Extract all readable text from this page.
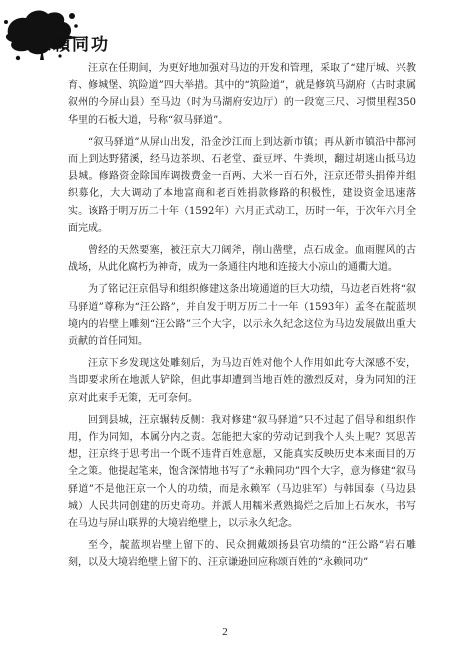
永賴同功

汪京在任期间，为更好地加强对马边的开发和管理，采取了“建厅城、兴教育、修城堡、筑险道”四大举措。其中的“筑险道”，就是修筑马湖府（古时隶属叙州的今屏山县）至马边（时为马湖府安边厅）的一段宽三尺、习惯里程350华里的石板大道，号称“叙马驿道”。

“叙马驿道”从屏山出发，沿金沙江而上到达新市镇；再从新市镇沿中都河而上到达野猪溪，经马边茶坝、石老堂、蚕豆坪、牛粪坝，翻过胡迷山抵马边县城。修路资金除国库调拨费金一百两、大米一百石外，汪京还带头捐俸并组织募化，大大调动了本地富商和老百姓捐款修路的积极性，建设资金迅速落实。该路于明万历二十年（1592年）六月正式动工，历时一年，于次年六月全面完成。

曾经的天然要塞，被汪京大刀阔斧，削山凿壁，点石成金。血雨腥风的古战场，从此化腐朽为神奇，成为一条通往内地和连接大小凉山的通衢大道。

为了铭记汪京倡导和组织修建这条出境通道的巨大功绩，马边老百姓将“叙马驿道”尊称为“汪公路”，并自发于明万历二十一年（1593年）孟冬在靛蓝坝境内的岩壁上雕刻“汪公路”三个大字，以示永久纪念这位为马边发展做出重大贡献的首任同知。

汪京下乡发现这处雕刻后，为马边百姓对他个人作用如此夸大深感不安，当即要求所在地派人铲除，但此事却遭到当地百姓的激烈反对，身为同知的汪京对此束手无策，无可奈何。

回到县城，汪京辗转反侧：我对修建“叙马驿道”只不过起了倡导和组织作用，作为同知，本属分内之责。怎能把大家的劳动记到我个人头上呢？冥思苦想，汪京终于思考出一个既不违背百姓意愿，又能真实反映历史本来面目的万全之策。他提起笔来，饱含深情地书写了“永赖同功”四个大字，意为修建“叙马驿道”不是他汪京一个人的功绩，而是永赖军（马边驻军）与韩国泰（马边县城）人民共同创建的历史奇功。并派人用糯米煮熟捣烂之后加上石灰水，书写在马边与屏山联界的大境岩绝壁上，以示永久纪念。

至今，靛蓝坝岩壁上留下的、民众拥戴颂扬县官功绩的“汪公路”岩石雕刻，以及大境岩绝壁上留下的、汪京谦逊回应称颂百姓的“永赖同功”

2
